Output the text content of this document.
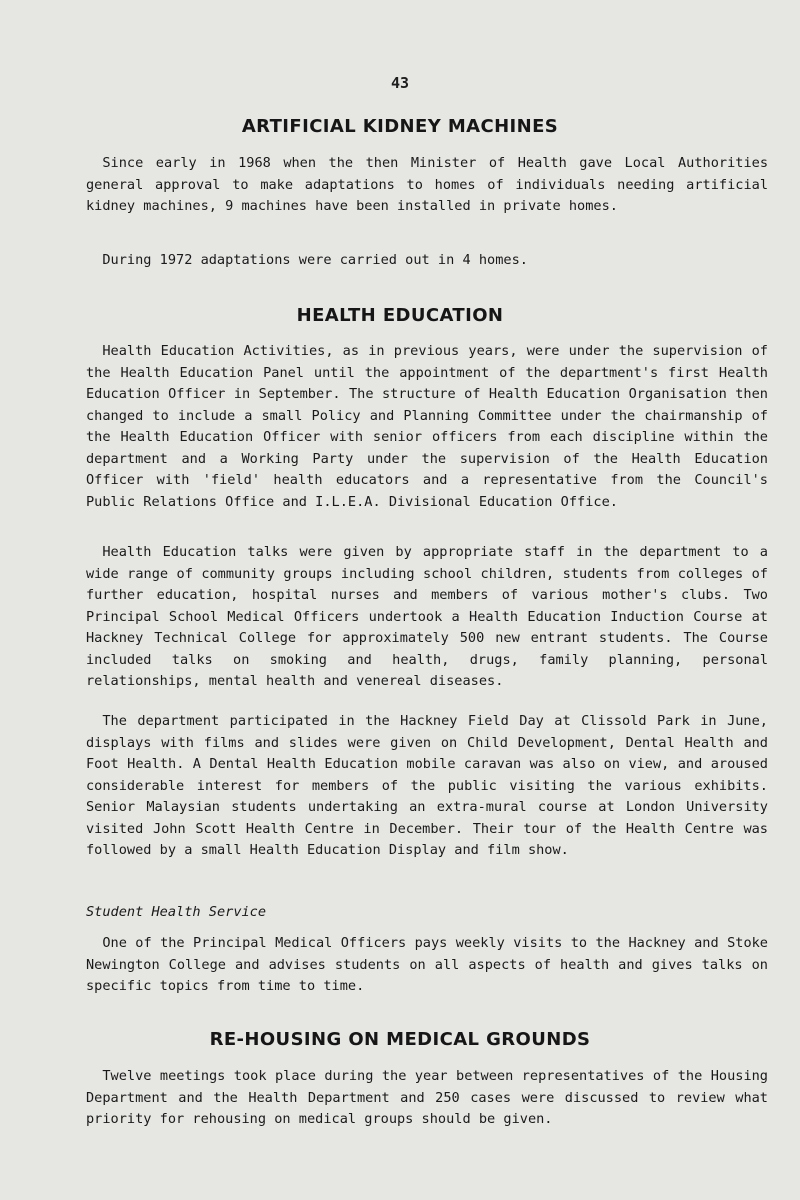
43
ARTIFICIAL KIDNEY MACHINES

Since early in 1968 when the then Minister of Health gave Local Authorities general approval to make adaptations to homes of individuals needing artificial kidney machines, 9 machines have been installed in private homes.

During 1972 adaptations were carried out in 4 homes.

HEALTH EDUCATION

Health Education Activities, as in previous years, were under the supervision of the Health Education Panel until the appointment of the department's first Health Education Officer in September. The structure of Health Education Organisation then changed to include a small Policy and Planning Committee under the chairmanship of the Health Education Officer with senior officers from each discipline within the department and a Working Party under the supervision of the Health Education Officer with 'field' health educators and a representative from the Council's Public Relations Office and I.L.E.A. Divisional Education Office.

Health Education talks were given by appropriate staff in the department to a wide range of community groups including school children, students from colleges of further education, hospital nurses and members of various mother's clubs. Two Principal School Medical Officers undertook a Health Education Induction Course at Hackney Technical College for approximately 500 new entrant students. The Course included talks on smoking and health, drugs, family planning, personal relationships, mental health and venereal diseases.

The department participated in the Hackney Field Day at Clissold Park in June, displays with films and slides were given on Child Development, Dental Health and Foot Health. A Dental Health Education mobile caravan was also on view, and aroused considerable interest for members of the public visiting the various exhibits. Senior Malaysian students undertaking an extra-mural course at London University visited John Scott Health Centre in December. Their tour of the Health Centre was followed by a small Health Education Display and film show.

Student Health Service

One of the Principal Medical Officers pays weekly visits to the Hackney and Stoke Newington College and advises students on all aspects of health and gives talks on specific topics from time to time.

RE-HOUSING ON MEDICAL GROUNDS

Twelve meetings took place during the year between representatives of the Housing Department and the Health Department and 250 cases were discussed to review what priority for rehousing on medical groups should be given.
